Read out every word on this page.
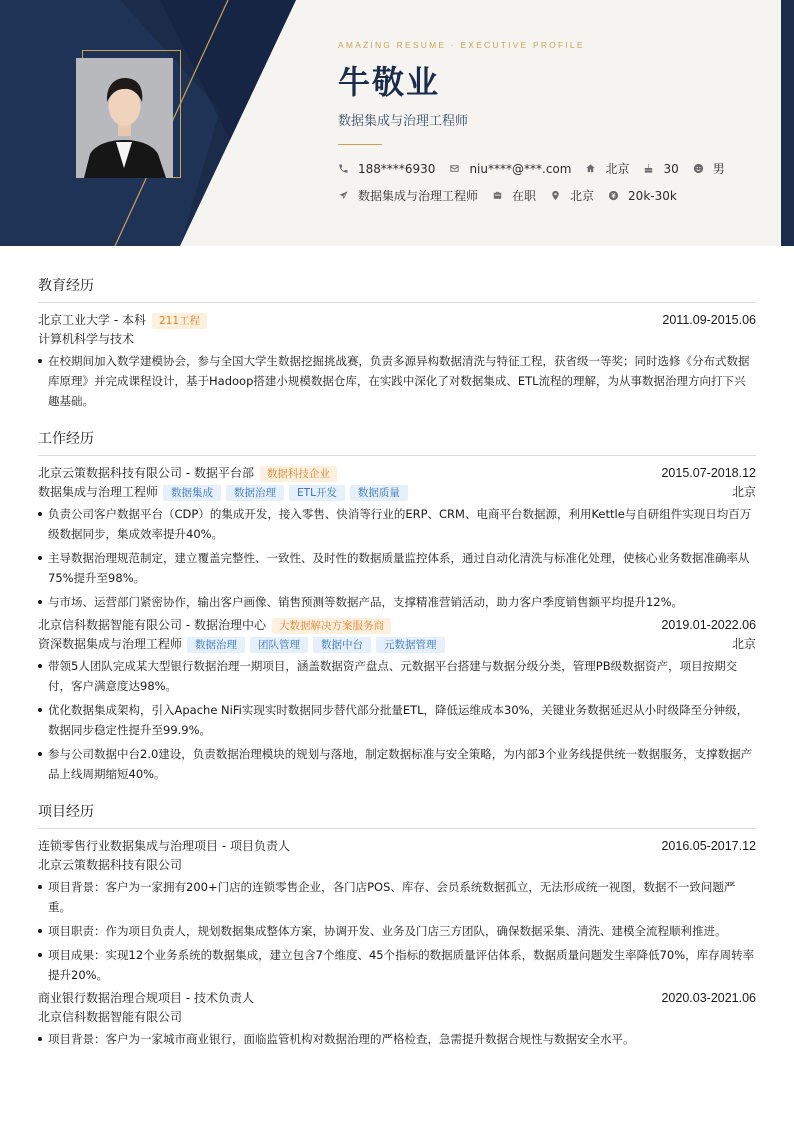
AMAZING RESUME · EXECUTIVE PROFILE
牛敬业
数据集成与治理工程师
188****6930	niu****@***.com	北京	30	男
数据集成与治理工程师	在职	北京	20k-30k
教育经历
北京工业大学 - 本科	211工程	2011.09-2015.06
计算机科学与技术
在校期间加入数学建模协会，参与全国大学生数据挖掘挑战赛，负责多源异构数据清洗与特征工程，获省级一等奖；同时选修《分布式数据库原理》并完成课程设计，基于Hadoop搭建小规模数据仓库，在实践中深化了对数据集成、ETL流程的理解，为从事数据治理方向打下兴趣基础。
工作经历
北京云策数据科技有限公司 - 数据平台部	数据科技企业	2015.07-2018.12
数据集成与治理工程师	数据集成	数据治理	ETL开发	数据质量	北京
负责公司客户数据平台（CDP）的集成开发，接入零售、快消等行业的ERP、CRM、电商平台数据源，利用Kettle与自研组件实现日均百万级数据同步，集成效率提升40%。
主导数据治理规范制定，建立覆盖完整性、一致性、及时性的数据质量监控体系，通过自动化清洗与标准化处理，使核心业务数据准确率从75%提升至98%。
与市场、运营部门紧密协作，输出客户画像、销售预测等数据产品，支撑精准营销活动，助力客户季度销售额平均提升12%。
北京信科数据智能有限公司 - 数据治理中心	大数据解决方案服务商	2019.01-2022.06
资深数据集成与治理工程师	数据治理	团队管理	数据中台	元数据管理	北京
带领5人团队完成某大型银行数据治理一期项目，涵盖数据资产盘点、元数据平台搭建与数据分级分类，管理PB级数据资产，项目按期交付，客户满意度达98%。
优化数据集成架构，引入Apache NiFi实现实时数据同步替代部分批量ETL，降低运维成本30%，关键业务数据延迟从小时级降至分钟级，数据同步稳定性提升至99.9%。
参与公司数据中台2.0建设，负责数据治理模块的规划与落地，制定数据标准与安全策略，为内部3个业务线提供统一数据服务，支撑数据产品上线周期缩短40%。
项目经历
连锁零售行业数据集成与治理项目 - 项目负责人	2016.05-2017.12
北京云策数据科技有限公司
项目背景：客户为一家拥有200+门店的连锁零售企业，各门店POS、库存、会员系统数据孤立，无法形成统一视图，数据不一致问题严重。
项目职责：作为项目负责人，规划数据集成整体方案，协调开发、业务及门店三方团队，确保数据采集、清洗、建模全流程顺利推进。
项目成果：实现12个业务系统的数据集成，建立包含7个维度、45个指标的数据质量评估体系，数据质量问题发生率降低70%，库存周转率提升20%。
商业银行数据治理合规项目 - 技术负责人	2020.03-2021.06
北京信科数据智能有限公司
项目背景：客户为一家城市商业银行，面临监管机构对数据治理的严格检查，急需提升数据合规性与数据安全水平。
